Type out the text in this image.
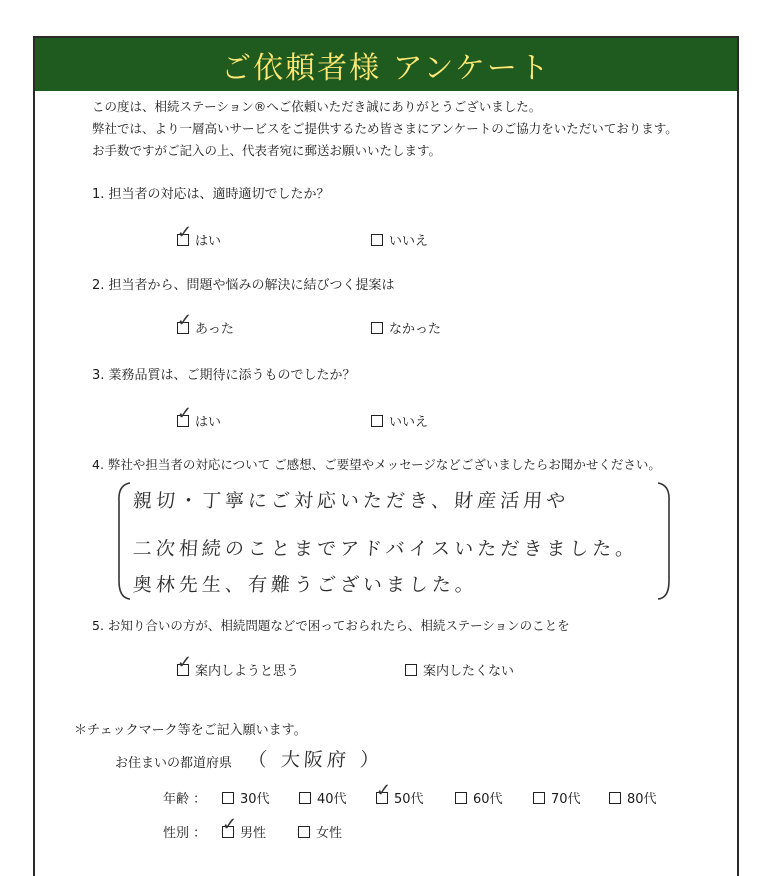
ご依頼者様 アンケート
この度は、相続ステーション®へご依頼いただき誠にありがとうございました。
弊社では、より一層高いサービスをご提供するため皆さまにアンケートのご協力をいただいております。
お手数ですがご記入の上、代表者宛に郵送お願いいたします。
1. 担当者の対応は、適時適切でしたか？
✓ はい	いいえ
2. 担当者から、問題や悩みの解決に結びつく提案は
✓ あった	なかった
3. 業務品質は、ご期待に添うものでしたか？
✓ はい	いいえ
4. 弊社や担当者の対応について ご感想、ご要望やメッセージなどございましたらお聞かせください。
親切・丁寧にご対応いただき、財産活用や
二次相続のことまでアドバイスいただきました。
奥林先生、有難うございました。
5. お知り合いの方が、相続問題などで困っておられたら、相続ステーションのことを
✓ 案内しようと思う	案内したくない
＊チェックマーク等をご記入願います。
お住まいの都道府県 （ 大阪府 ）
年齢 ：	30代	40代 ✓ 50代	60代	70代	80代
性別 ： ✓ 男性	女性
